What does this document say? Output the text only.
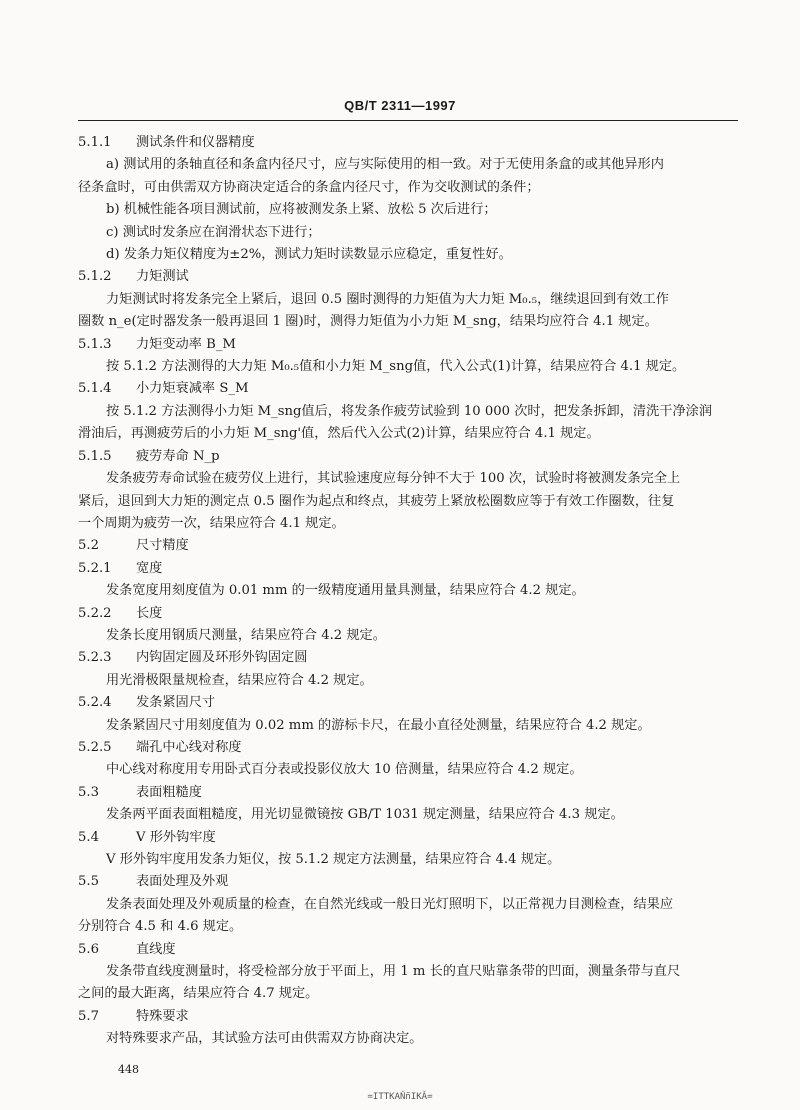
QB/T 2311—1997
5.1.1 测试条件和仪器精度
a) 测试用的条轴直径和条盒内径尺寸，应与实际使用的相一致。对于无使用条盒的或其他异形内
径条盒时，可由供需双方协商决定适合的条盒内径尺寸，作为交收测试的条件；
b) 机械性能各项目测试前，应将被测发条上紧、放松 5 次后进行；
c) 测试时发条应在润滑状态下进行；
d) 发条力矩仪精度为±2%，测试力矩时读数显示应稳定，重复性好。
5.1.2 力矩测试
力矩测试时将发条完全上紧后，退回 0.5 圈时测得的力矩值为大力矩 M₀.₅，继续退回到有效工作
圈数 n_e(定时器发条一般再退回 1 圈)时，测得力矩值为小力矩 M_sng，结果均应符合 4.1 规定。
5.1.3 力矩变动率 B_M
按 5.1.2 方法测得的大力矩 M₀.₅值和小力矩 M_sng值，代入公式(1)计算，结果应符合 4.1 规定。
5.1.4 小力矩衰减率 S_M
按 5.1.2 方法测得小力矩 M_sng值后，将发条作疲劳试验到 10 000 次时，把发条拆卸，清洗干净涂润
滑油后，再测疲劳后的小力矩 M_sng'值，然后代入公式(2)计算，结果应符合 4.1 规定。
5.1.5 疲劳寿命 N_p
发条疲劳寿命试验在疲劳仪上进行，其试验速度应每分钟不大于 100 次，试验时将被测发条完全上
紧后，退回到大力矩的测定点 0.5 圈作为起点和终点，其疲劳上紧放松圈数应等于有效工作圈数，往复
一个周期为疲劳一次，结果应符合 4.1 规定。
5.2	尺寸精度
5.2.1 宽度
发条宽度用刻度值为 0.01 mm 的一级精度通用量具测量，结果应符合 4.2 规定。
5.2.2 长度
发条长度用钢质尺测量，结果应符合 4.2 规定。
5.2.3 内钩固定圆及环形外钩固定圆
用光滑极限量规检查，结果应符合 4.2 规定。
5.2.4 发条紧固尺寸
发条紧固尺寸用刻度值为 0.02 mm 的游标卡尺，在最小直径处测量，结果应符合 4.2 规定。
5.2.5 端孔中心线对称度
中心线对称度用专用卧式百分表或投影仪放大 10 倍测量，结果应符合 4.2 规定。
5.3	表面粗糙度
发条两平面表面粗糙度，用光切显微镜按 GB/T 1031 规定测量，结果应符合 4.3 规定。
5.4	V 形外钩牢度
V 形外钩牢度用发条力矩仪，按 5.1.2 规定方法测量，结果应符合 4.4 规定。
5.5	表面处理及外观
发条表面处理及外观质量的检查，在自然光线或一般日光灯照明下，以正常视力目测检查，结果应
分别符合 4.5 和 4.6 规定。
5.6	直线度
发条带直线度测量时，将受检部分放于平面上，用 1 m 长的直尺贴靠条带的凹面，测量条带与直尺
之间的最大距离，结果应符合 4.7 规定。
5.7	特殊要求
对特殊要求产品，其试验方法可由供需双方协商决定。
448
=ITTKAŇñIKĂ=
